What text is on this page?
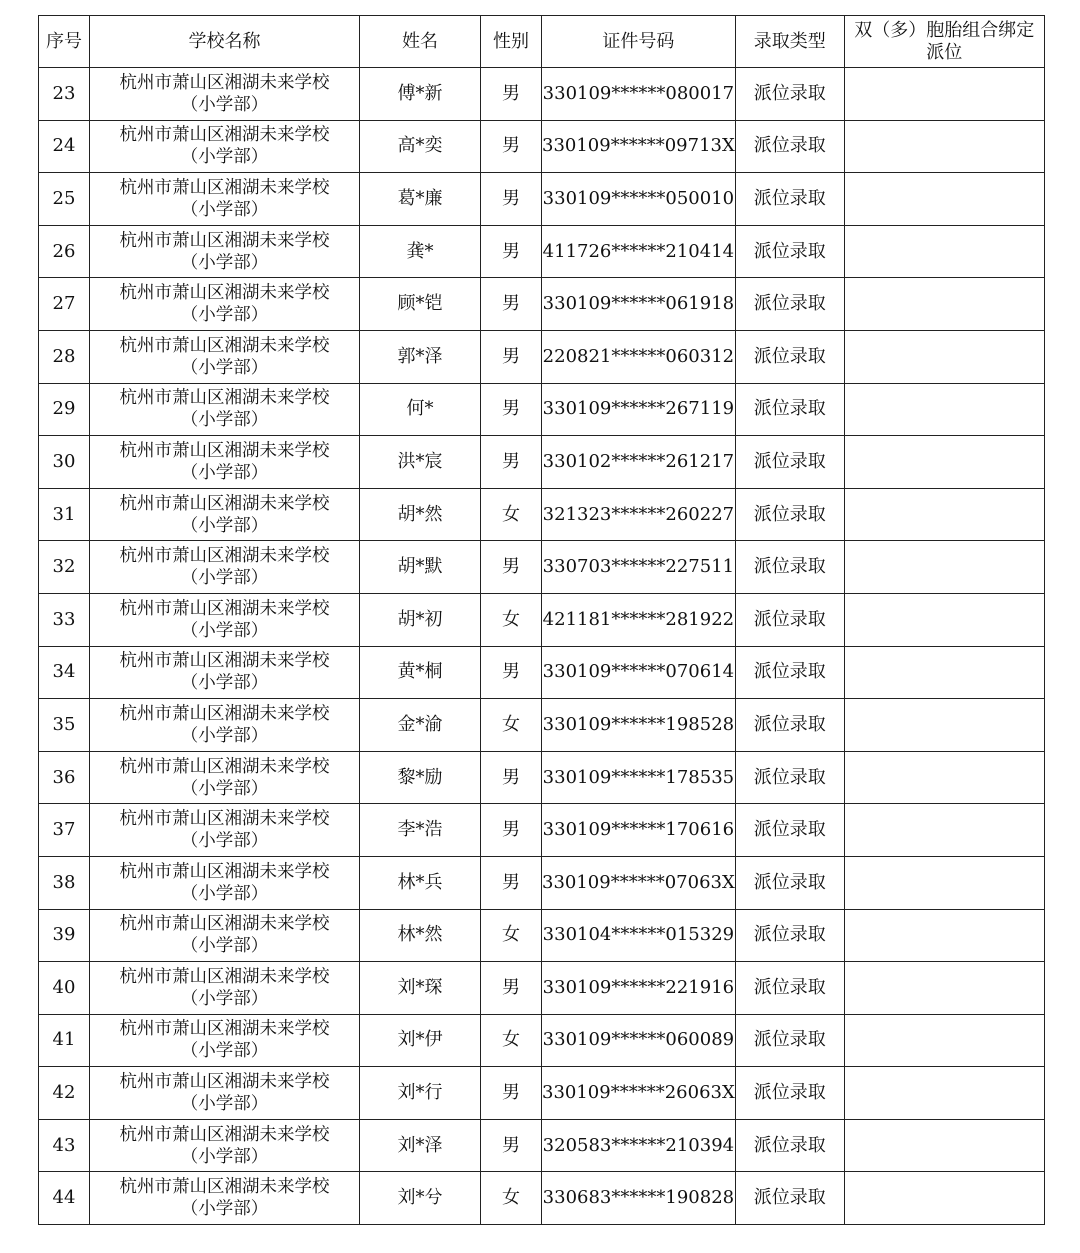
序号	学校名称	姓名	性别	证件号码	录取类型	双（多）胞胎组合绑定派位
23	杭州市萧山区湘湖未来学校
（小学部）	傅*新	男	330109******080017	派位录取	
24	杭州市萧山区湘湖未来学校
（小学部）	高*奕	男	330109******09713X	派位录取	
25	杭州市萧山区湘湖未来学校
（小学部）	葛*廉	男	330109******050010	派位录取	
26	杭州市萧山区湘湖未来学校
（小学部）	龚*	男	411726******210414	派位录取	
27	杭州市萧山区湘湖未来学校
（小学部）	顾*铠	男	330109******061918	派位录取	
28	杭州市萧山区湘湖未来学校
（小学部）	郭*泽	男	220821******060312	派位录取	
29	杭州市萧山区湘湖未来学校
（小学部）	何*	男	330109******267119	派位录取	
30	杭州市萧山区湘湖未来学校
（小学部）	洪*宸	男	330102******261217	派位录取	
31	杭州市萧山区湘湖未来学校
（小学部）	胡*然	女	321323******260227	派位录取	
32	杭州市萧山区湘湖未来学校
（小学部）	胡*默	男	330703******227511	派位录取	
33	杭州市萧山区湘湖未来学校
（小学部）	胡*初	女	421181******281922	派位录取	
34	杭州市萧山区湘湖未来学校
（小学部）	黄*桐	男	330109******070614	派位录取	
35	杭州市萧山区湘湖未来学校
（小学部）	金*渝	女	330109******198528	派位录取	
36	杭州市萧山区湘湖未来学校
（小学部）	黎*励	男	330109******178535	派位录取	
37	杭州市萧山区湘湖未来学校
（小学部）	李*浩	男	330109******170616	派位录取	
38	杭州市萧山区湘湖未来学校
（小学部）	林*兵	男	330109******07063X	派位录取	
39	杭州市萧山区湘湖未来学校
（小学部）	林*然	女	330104******015329	派位录取	
40	杭州市萧山区湘湖未来学校
（小学部）	刘*琛	男	330109******221916	派位录取	
41	杭州市萧山区湘湖未来学校
（小学部）	刘*伊	女	330109******060089	派位录取	
42	杭州市萧山区湘湖未来学校
（小学部）	刘*行	男	330109******26063X	派位录取	
43	杭州市萧山区湘湖未来学校
（小学部）	刘*泽	男	320583******210394	派位录取	
44	杭州市萧山区湘湖未来学校
（小学部）	刘*兮	女	330683******190828	派位录取	
